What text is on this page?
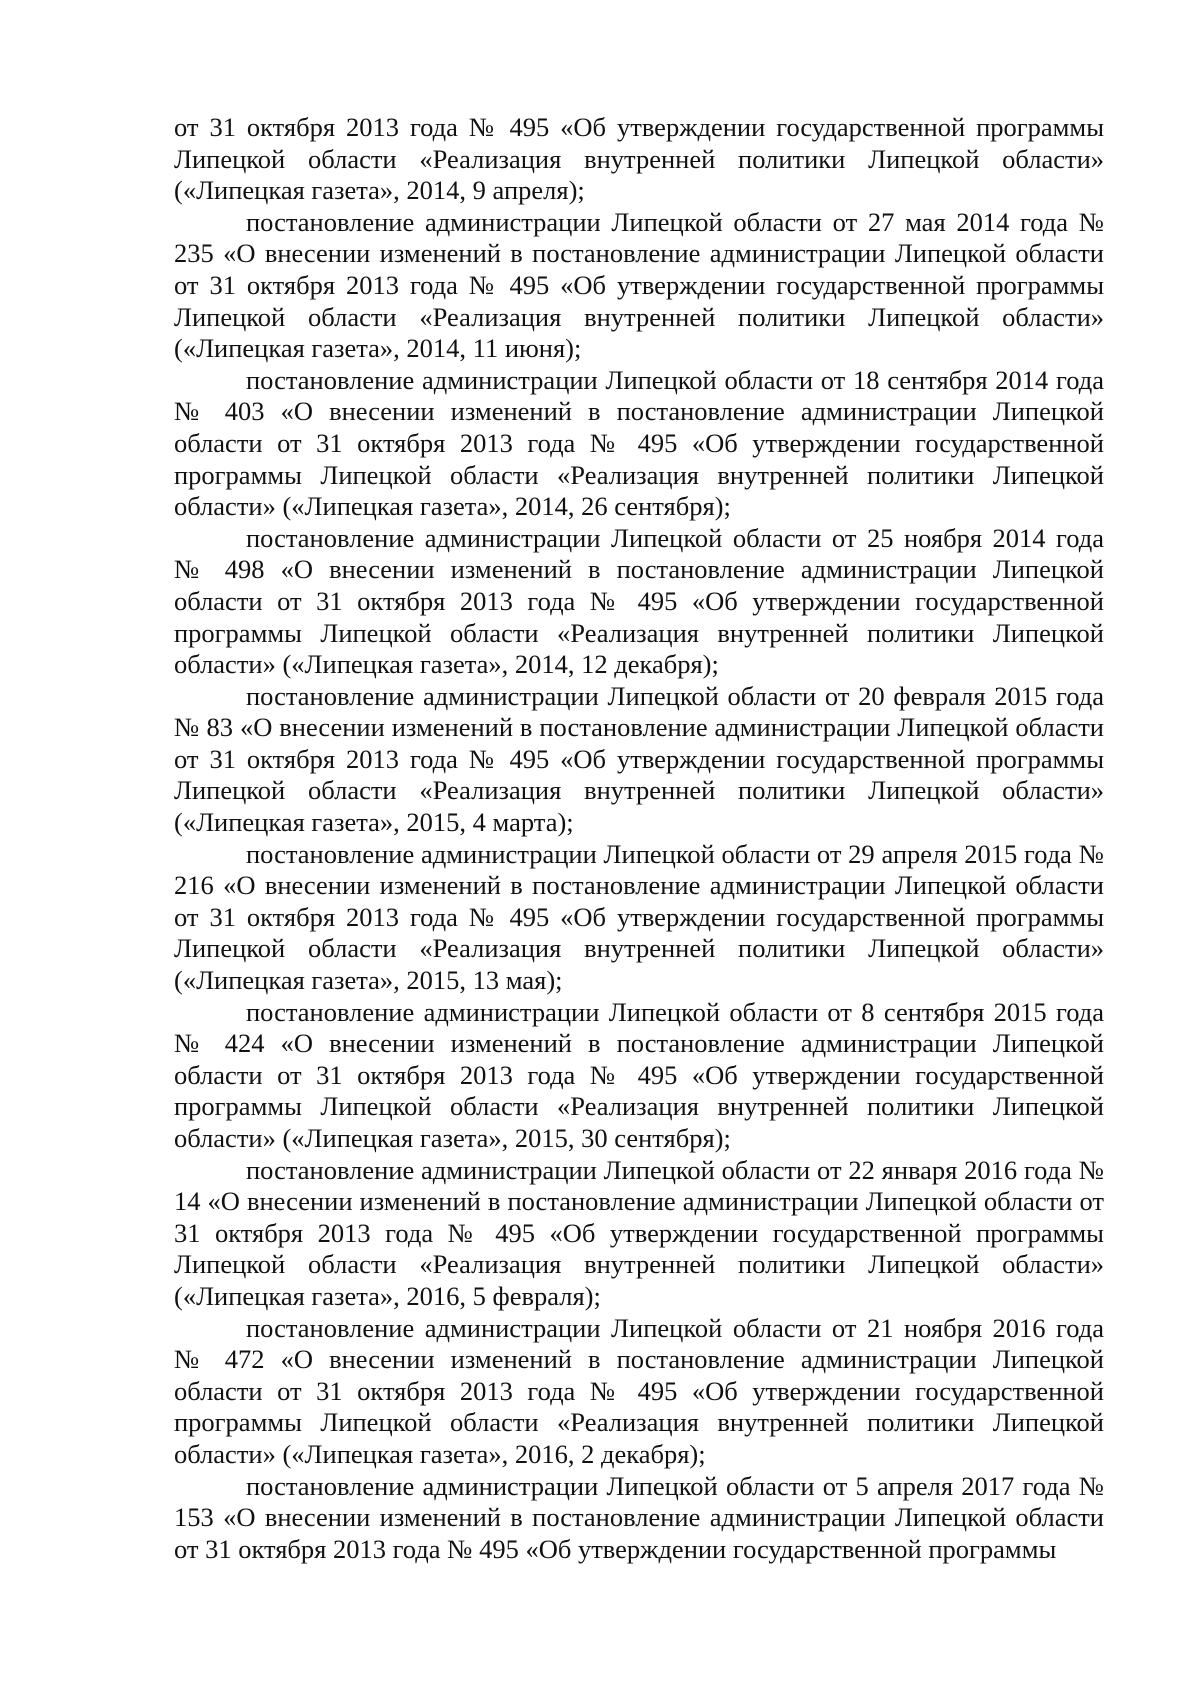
от 31 октября 2013 года № 495 «Об утверждении государственной программы Липецкой области «Реализация внутренней политики Липецкой области» («Липецкая газета», 2014, 9 апреля);

постановление администрации Липецкой области от 27 мая 2014 года № 235 «О внесении изменений в постановление администрации Липецкой области от 31 октября 2013 года № 495 «Об утверждении государственной программы Липецкой области «Реализация внутренней политики Липецкой области» («Липецкая газета», 2014, 11 июня);

постановление администрации Липецкой области от 18 сентября 2014 года № 403 «О внесении изменений в постановление администрации Липецкой области от 31 октября 2013 года № 495 «Об утверждении государственной программы Липецкой области «Реализация внутренней политики Липецкой области» («Липецкая газета», 2014, 26 сентября);

постановление администрации Липецкой области от 25 ноября 2014 года № 498 «О внесении изменений в постановление администрации Липецкой области от 31 октября 2013 года № 495 «Об утверждении государственной программы Липецкой области «Реализация внутренней политики Липецкой области» («Липецкая газета», 2014, 12 декабря);

постановление администрации Липецкой области от 20 февраля 2015 года № 83 «О внесении изменений в постановление администрации Липецкой области от 31 октября 2013 года № 495 «Об утверждении государственной программы Липецкой области «Реализация внутренней политики Липецкой области» («Липецкая газета», 2015, 4 марта);

постановление администрации Липецкой области от 29 апреля 2015 года № 216 «О внесении изменений в постановление администрации Липецкой области от 31 октября 2013 года № 495 «Об утверждении государственной программы Липецкой области «Реализация внутренней политики Липецкой области» («Липецкая газета», 2015, 13 мая);

постановление администрации Липецкой области от 8 сентября 2015 года № 424 «О внесении изменений в постановление администрации Липецкой области от 31 октября 2013 года № 495 «Об утверждении государственной программы Липецкой области «Реализация внутренней политики Липецкой области» («Липецкая газета», 2015, 30 сентября);

постановление администрации Липецкой области от 22 января 2016 года № 14 «О внесении изменений в постановление администрации Липецкой области от 31 октября 2013 года № 495 «Об утверждении государственной программы Липецкой области «Реализация внутренней политики Липецкой области» («Липецкая газета», 2016, 5 февраля);

постановление администрации Липецкой области от 21 ноября 2016 года № 472 «О внесении изменений в постановление администрации Липецкой области от 31 октября 2013 года № 495 «Об утверждении государственной программы Липецкой области «Реализация внутренней политики Липецкой области» («Липецкая газета», 2016, 2 декабря);

постановление администрации Липецкой области от 5 апреля 2017 года № 153 «О внесении изменений в постановление администрации Липецкой области от 31 октября 2013 года № 495 «Об утверждении государственной программы
